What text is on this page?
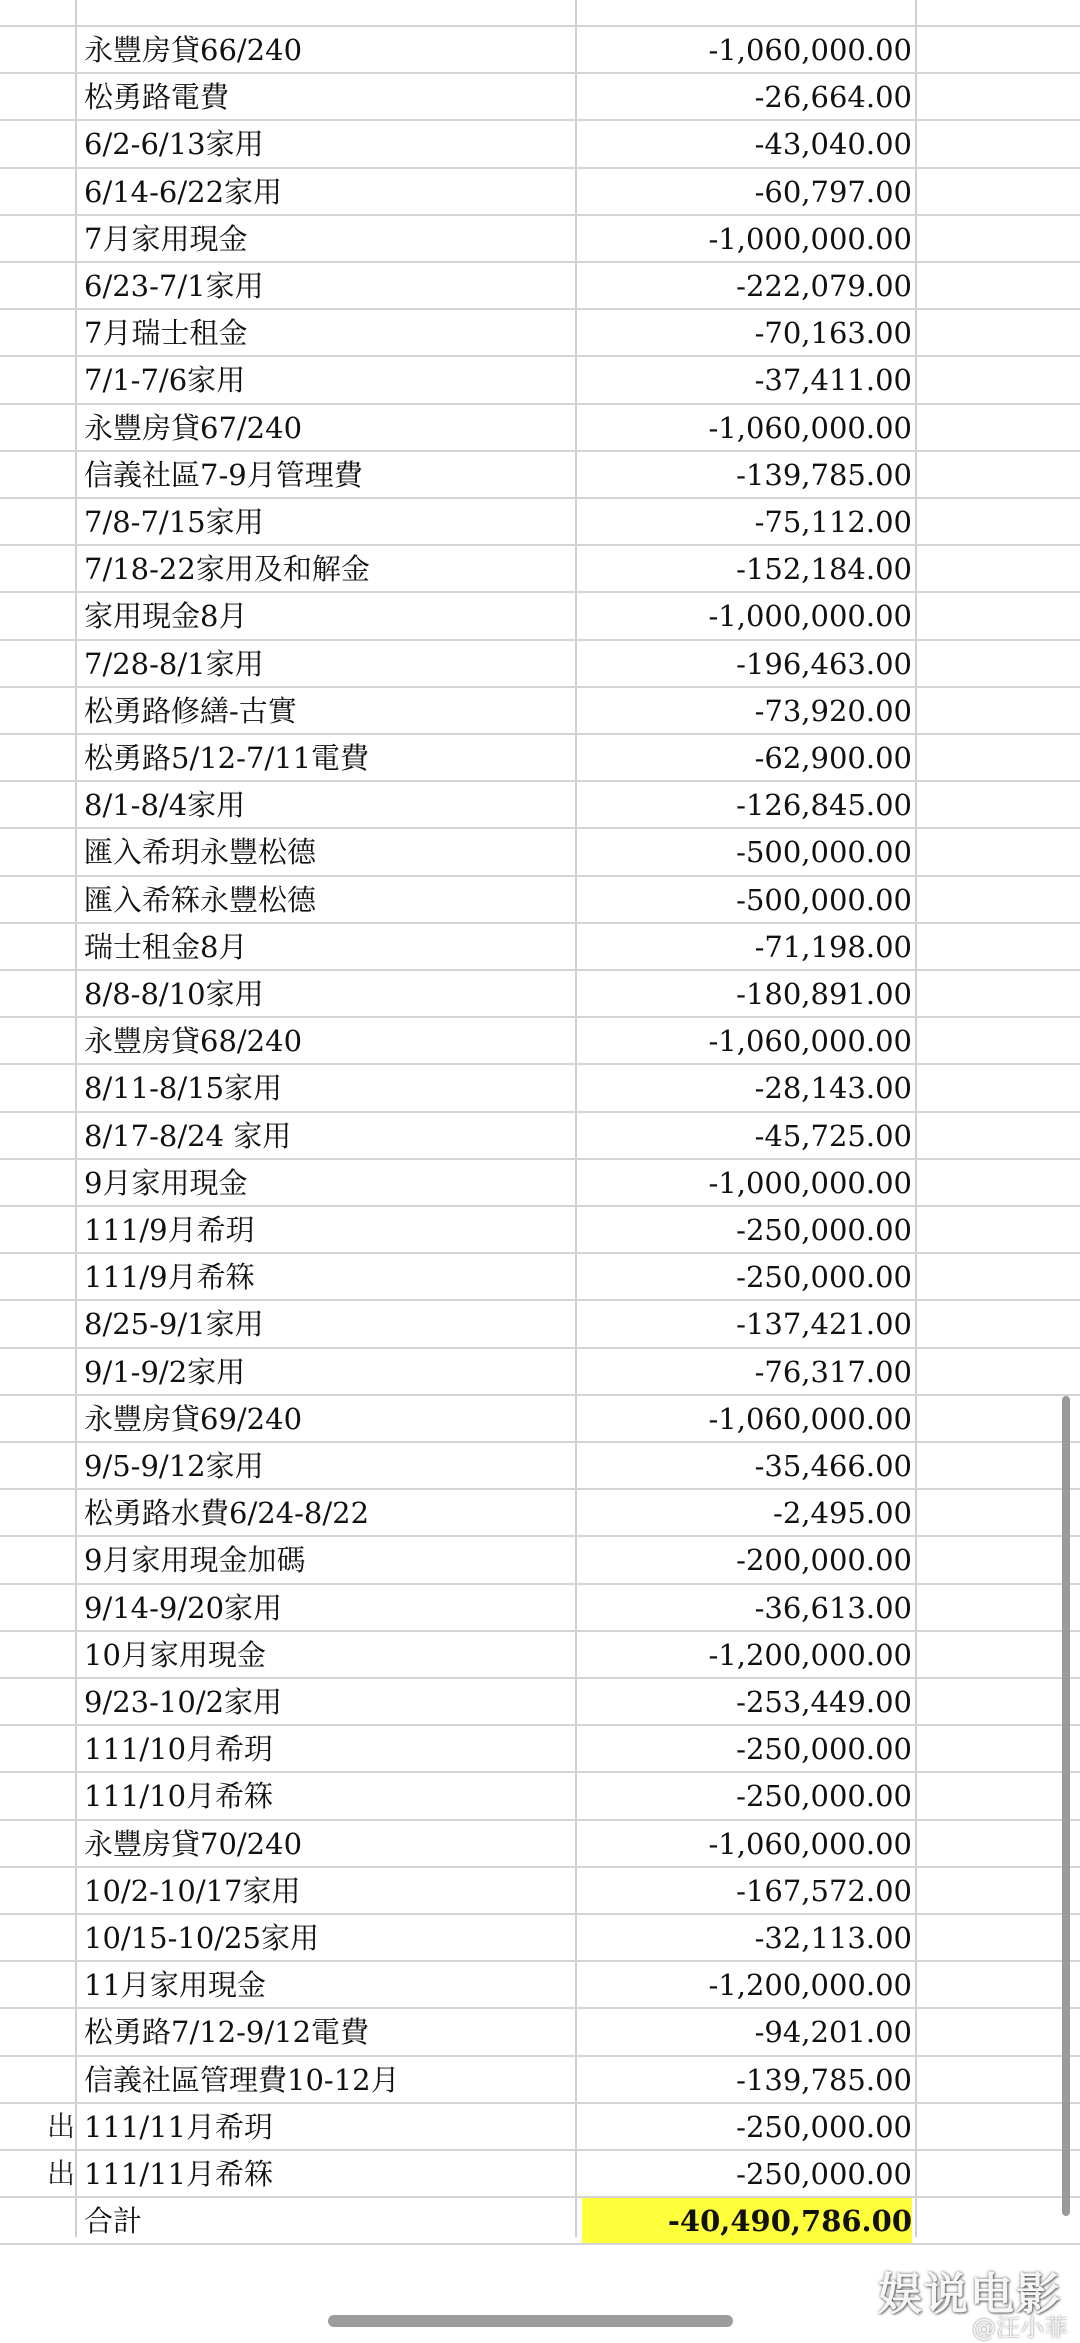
永豐房貸66/240	-1,060,000.00
松勇路電費	-26,664.00
6/2-6/13家用	-43,040.00
6/14-6/22家用	-60,797.00
7月家用現金	-1,000,000.00
6/23-7/1家用	-222,079.00
7月瑞士租金	-70,163.00
7/1-7/6家用	-37,411.00
永豐房貸67/240	-1,060,000.00
信義社區7-9月管理費	-139,785.00
7/8-7/15家用	-75,112.00
7/18-22家用及和解金	-152,184.00
家用現金8月	-1,000,000.00
7/28-8/1家用	-196,463.00
松勇路修繕-古實	-73,920.00
松勇路5/12-7/11電費	-62,900.00
8/1-8/4家用	-126,845.00
匯入希玥永豐松德	-500,000.00
匯入希箖永豐松德	-500,000.00
瑞士租金8月	-71,198.00
8/8-8/10家用	-180,891.00
永豐房貸68/240	-1,060,000.00
8/11-8/15家用	-28,143.00
8/17-8/24 家用	-45,725.00
9月家用現金	-1,000,000.00
111/9月希玥	-250,000.00
111/9月希箖	-250,000.00
8/25-9/1家用	-137,421.00
9/1-9/2家用	-76,317.00
永豐房貸69/240	-1,060,000.00
9/5-9/12家用	-35,466.00
松勇路水費6/24-8/22	-2,495.00
9月家用現金加碼	-200,000.00
9/14-9/20家用	-36,613.00
10月家用現金	-1,200,000.00
9/23-10/2家用	-253,449.00
111/10月希玥	-250,000.00
111/10月希箖	-250,000.00
永豐房貸70/240	-1,060,000.00
10/2-10/17家用	-167,572.00
10/15-10/25家用	-32,113.00
11月家用現金	-1,200,000.00
松勇路7/12-9/12電費	-94,201.00
信義社區管理費10-12月	-139,785.00
出 111/11月希玥	-250,000.00
出 111/11月希箖	-250,000.00
合計	-40,490,786.00
娱说电影
@汪小菲
